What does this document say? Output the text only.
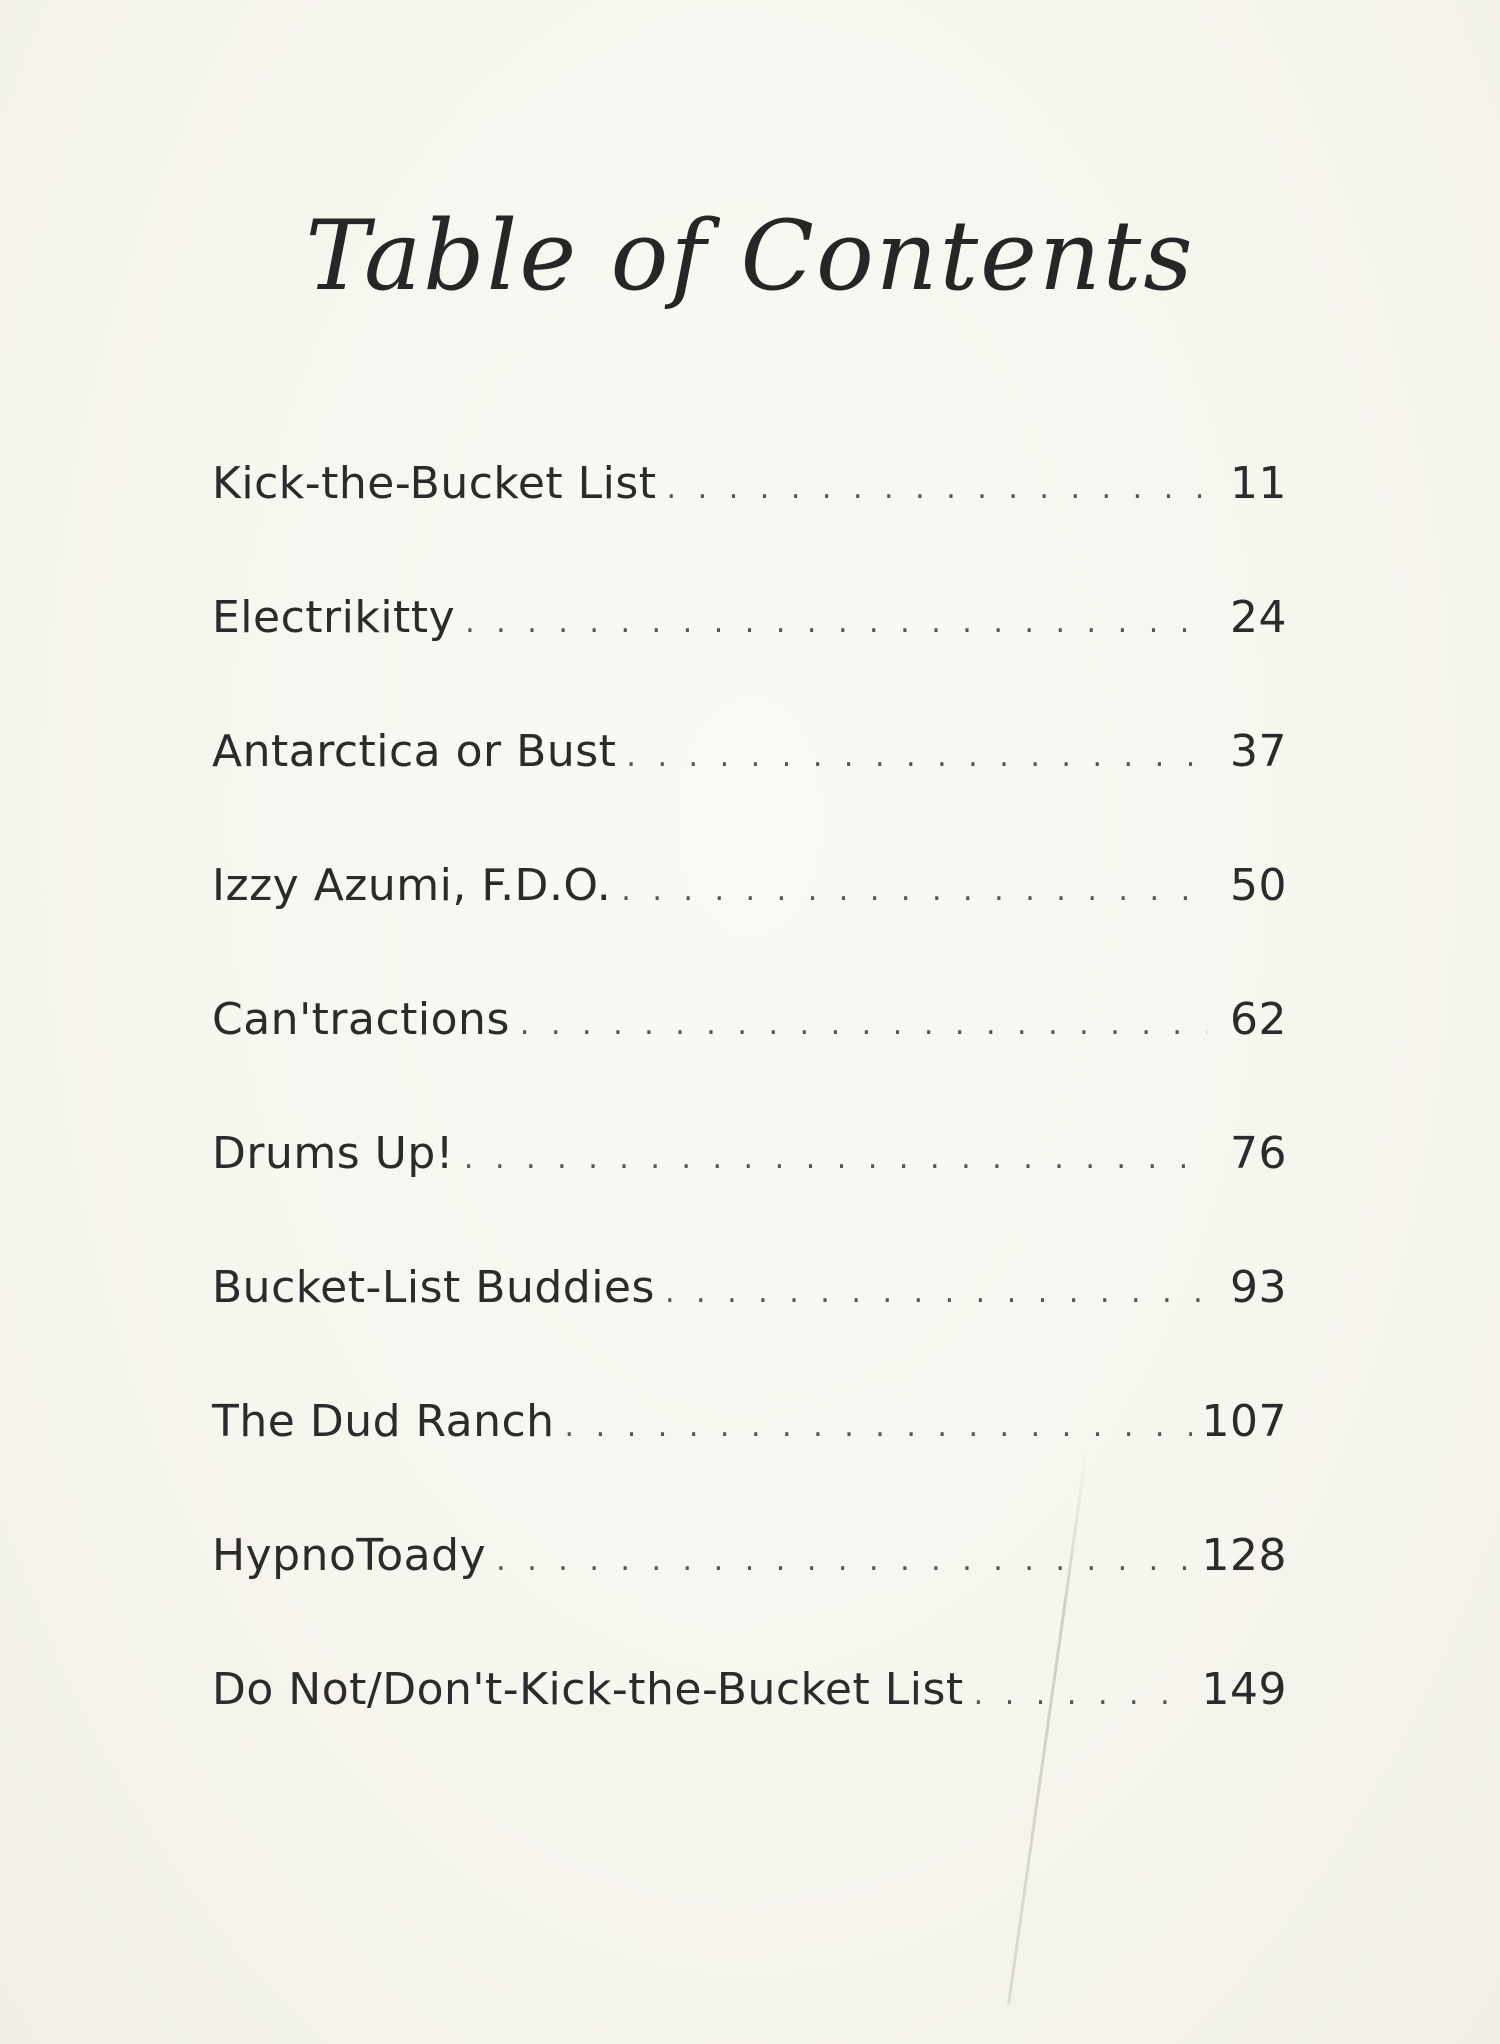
Table of Contents
Kick-the-Bucket List . . .	11
Electrikitty . . .	24
Antarctica or Bust . . .	37
Izzy Azumi, F.D.O. . . .	50
Can'tractions . . .	62
Drums Up! . . .	76
Bucket-List Buddies . . .	93
The Dud Ranch . . .	107
HypnoToady . . .	128
Do Not/Don't-Kick-the-Bucket List . . .	149
